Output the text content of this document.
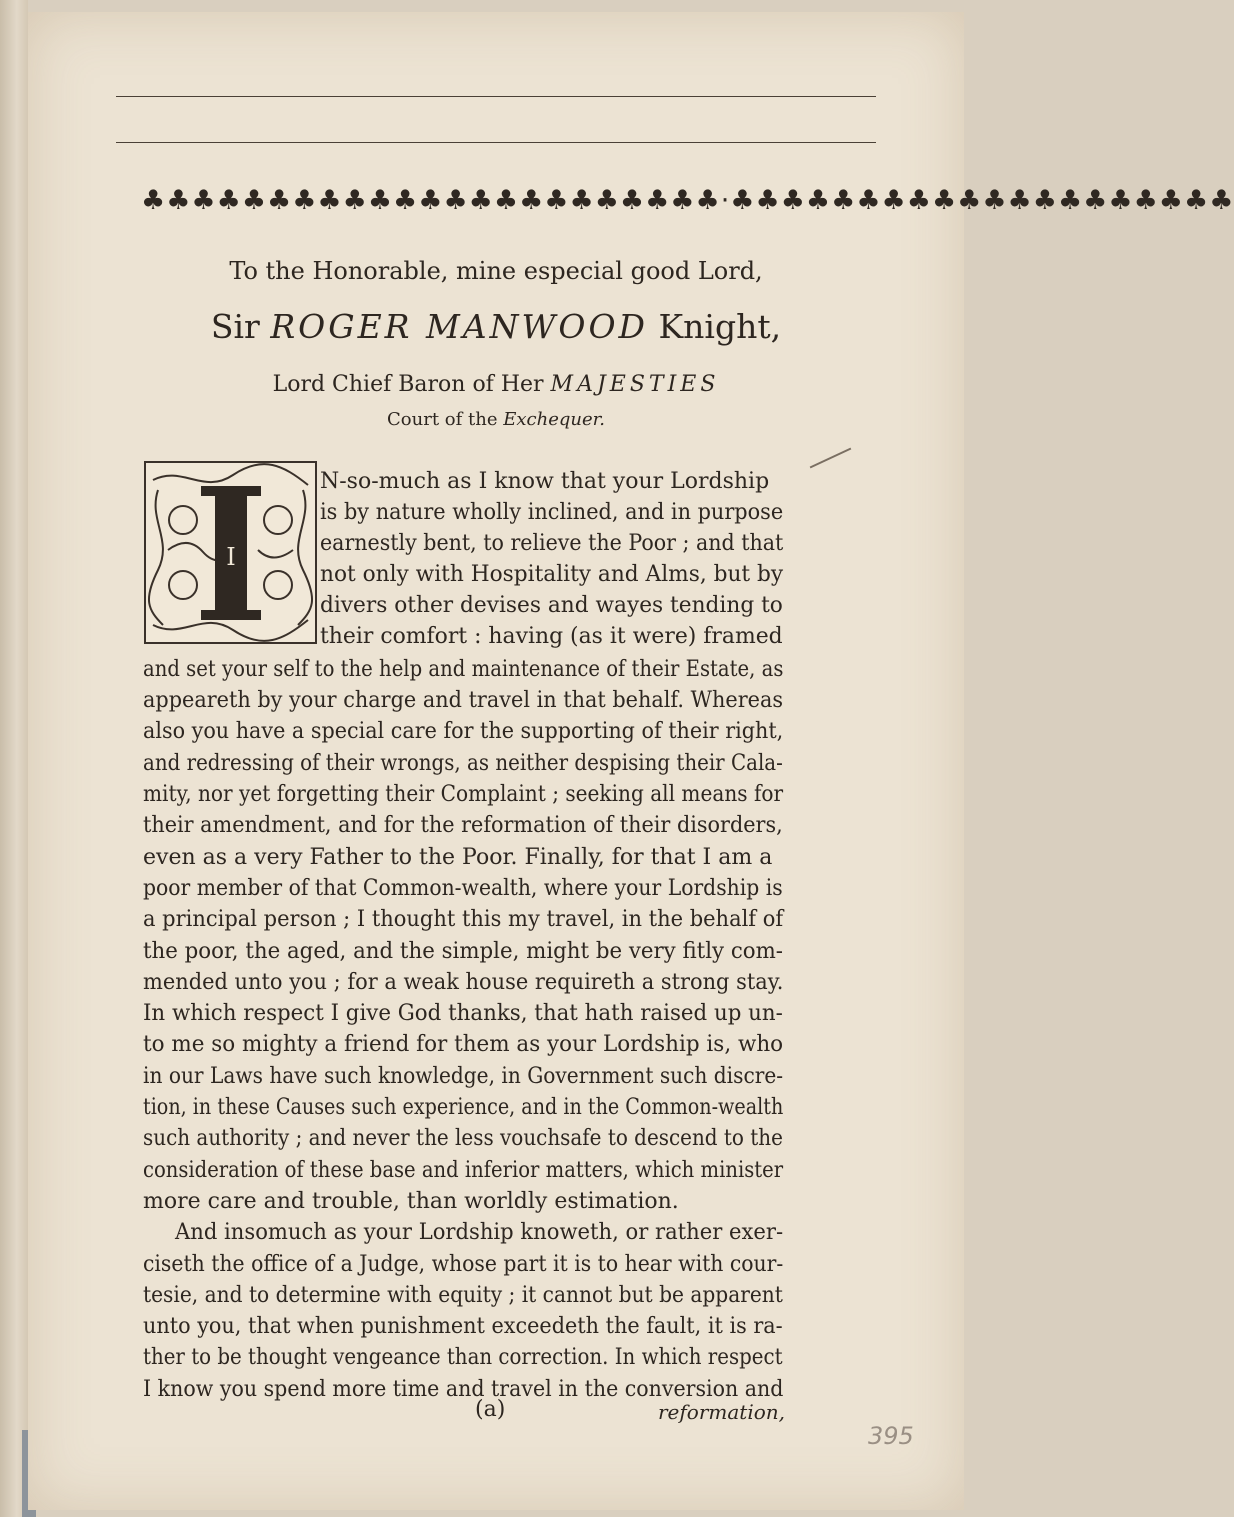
♣♣♣♣♣♣♣♣♣♣♣♣♣♣♣♣♣♣♣♣♣♣♣·♣♣♣♣♣♣♣♣♣♣♣♣♣♣♣♣♣♣♣♣
To the Honorable, mine especial good Lord,
Sir ROGER MANWOOD Knight,
Lord Chief Baron of Her MAJESTIES
Court of the Exchequer.
I
N-so-much as I know that your Lordship
is by nature wholly inclined, and in purpose
earnestly bent, to relieve the Poor ; and that
not only with Hospitality and Alms, but by
divers other devises and wayes tending to
their comfort : having (as it were) framed
and set your self to the help and maintenance of their Estate, as
appeareth by your charge and travel in that behalf. Whereas
also you have a special care for the supporting of their right,
and redressing of their wrongs, as neither despising their Cala-
mity, nor yet forgetting their Complaint ; seeking all means for
their amendment, and for the reformation of their disorders,
even as a very Father to the Poor. Finally, for that I am a
poor member of that Common-wealth, where your Lordship is
a principal person ; I thought this my travel, in the behalf of
the poor, the aged, and the simple, might be very fitly com-
mended unto you ; for a weak house requireth a strong stay.
In which respect I give God thanks, that hath raised up un-
to me so mighty a friend for them as your Lordship is, who
in our Laws have such knowledge, in Government such discre-
tion, in these Causes such experience, and in the Common-wealth
such authority ; and never the less vouchsafe to descend to the
consideration of these base and inferior matters, which minister
more care and trouble, than worldly estimation.
And insomuch as your Lordship knoweth, or rather exer-
ciseth the office of a Judge, whose part it is to hear with cour-
tesie, and to determine with equity ; it cannot but be apparent
unto you, that when punishment exceedeth the fault, it is ra-
ther to be thought vengeance than correction. In which respect
I know you spend more time and travel in the conversion and
(a)	reformation,
395
